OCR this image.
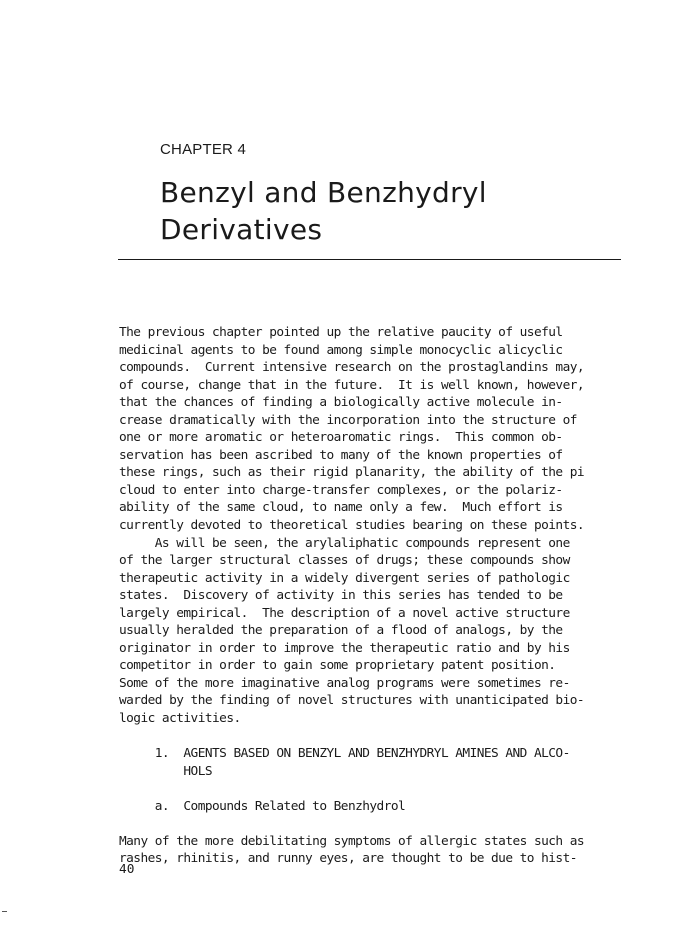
CHAPTER 4
Benzyl and Benzhydryl
Derivatives
The previous chapter pointed up the relative paucity of useful
medicinal agents to be found among simple monocyclic alicyclic
compounds.  Current intensive research on the prostaglandins may,
of course, change that in the future.  It is well known, however,
that the chances of finding a biologically active molecule in-
crease dramatically with the incorporation into the structure of
one or more aromatic or heteroaromatic rings.  This common ob-
servation has been ascribed to many of the known properties of
these rings, such as their rigid planarity, the ability of the pi
cloud to enter into charge-transfer complexes, or the polariz-
ability of the same cloud, to name only a few.  Much effort is
currently devoted to theoretical studies bearing on these points.
As will be seen, the arylaliphatic compounds represent one
of the larger structural classes of drugs; these compounds show
therapeutic activity in a widely divergent series of pathologic
states.  Discovery of activity in this series has tended to be
largely empirical.  The description of a novel active structure
usually heralded the preparation of a flood of analogs, by the
originator in order to improve the therapeutic ratio and by his
competitor in order to gain some proprietary patent position.
Some of the more imaginative analog programs were sometimes re-
warded by the finding of novel structures with unanticipated bio-
logic activities.
1.  AGENTS BASED ON BENZYL AND BENZHYDRYL AMINES AND ALCO-
HOLS
a.  Compounds Related to Benzhydrol
Many of the more debilitating symptoms of allergic states such as
rashes, rhinitis, and runny eyes, are thought to be due to hist-
40
